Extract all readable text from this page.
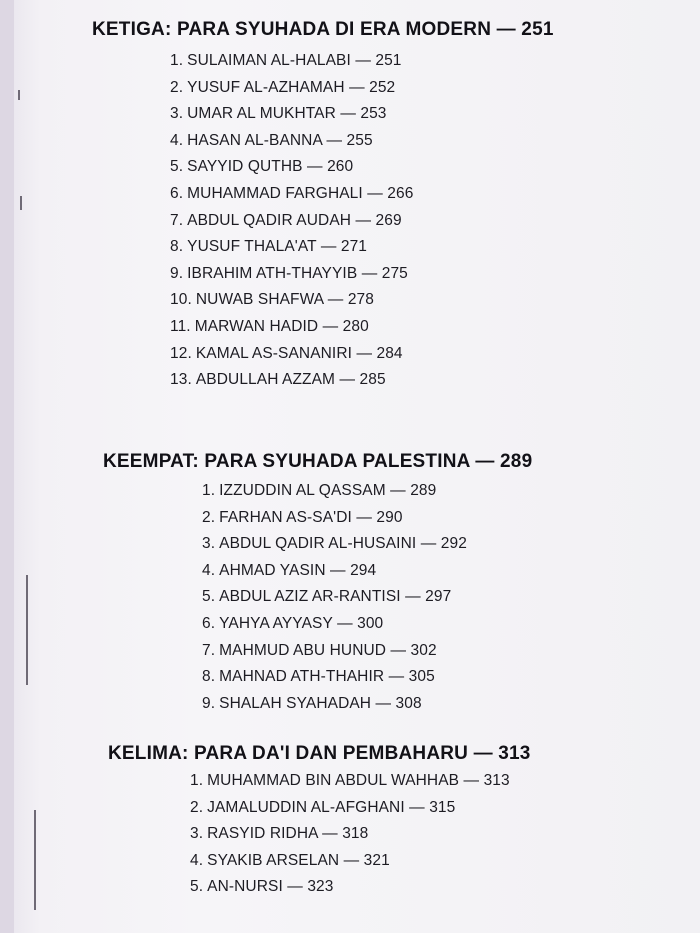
KETIGA: PARA SYUHADA DI ERA MODERN — 251
1. SULAIMAN AL-HALABI — 251
2. YUSUF AL-AZHAMAH — 252
3. UMAR AL MUKHTAR — 253
4. HASAN AL-BANNA — 255
5. SAYYID QUTHB — 260
6. MUHAMMAD FARGHALI — 266
7. ABDUL QADIR AUDAH — 269
8. YUSUF THALA'AT — 271
9. IBRAHIM ATH-THAYYIB — 275
10. NUWAB SHAFWA — 278
11. MARWAN HADID — 280
12. KAMAL AS-SANANIRI — 284
13. ABDULLAH AZZAM — 285
KEEMPAT: PARA SYUHADA PALESTINA — 289
1. IZZUDDIN AL QASSAM — 289
2. FARHAN AS-SA'DI — 290
3. ABDUL QADIR AL-HUSAINI — 292
4. AHMAD YASIN — 294
5. ABDUL AZIZ AR-RANTISI — 297
6. YAHYA AYYASY — 300
7. MAHMUD ABU HUNUD — 302
8. MAHNAD ATH-THAHIR — 305
9. SHALAH SYAHADAH — 308
KELIMA: PARA DA'I DAN PEMBAHARU — 313
1. MUHAMMAD BIN ABDUL WAHHAB — 313
2. JAMALUDDIN AL-AFGHANI — 315
3. RASYID RIDHA — 318
4. SYAKIB ARSELAN — 321
5. AN-NURSI — 323
